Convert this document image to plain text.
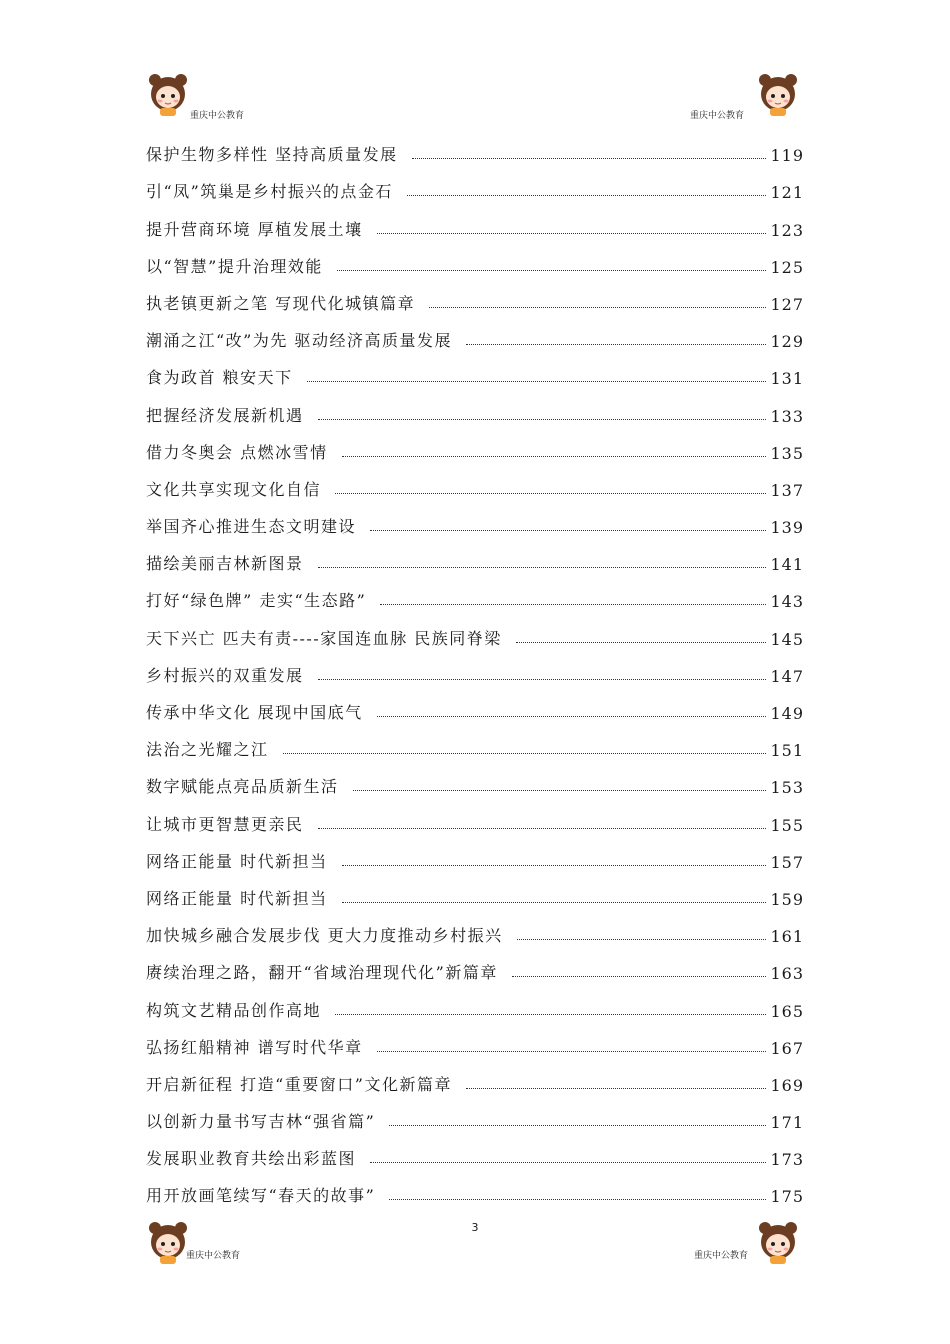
重庆中公教育	重庆中公教育
保护生物多样性 坚持高质量发展	119
引“凤”筑巢是乡村振兴的点金石	121
提升营商环境 厚植发展土壤	123
以“智慧”提升治理效能	125
执老镇更新之笔 写现代化城镇篇章	127
潮涌之江“改”为先 驱动经济高质量发展	129
食为政首 粮安天下	131
把握经济发展新机遇	133
借力冬奥会 点燃冰雪情	135
文化共享实现文化自信	137
举国齐心推进生态文明建设	139
描绘美丽吉林新图景	141
打好“绿色牌” 走实“生态路”	143
天下兴亡 匹夫有责----家国连血脉 民族同脊梁	145
乡村振兴的双重发展	147
传承中华文化 展现中国底气	149
法治之光耀之江	151
数字赋能点亮品质新生活	153
让城市更智慧更亲民	155
网络正能量 时代新担当	157
网络正能量 时代新担当	159
加快城乡融合发展步伐 更大力度推动乡村振兴	161
赓续治理之路，翻开“省域治理现代化”新篇章	163
构筑文艺精品创作高地	165
弘扬红船精神 谱写时代华章	167
开启新征程 打造“重要窗口”文化新篇章	169
以创新力量书写吉林“强省篇”	171
发展职业教育共绘出彩蓝图	173
用开放画笔续写“春天的故事”	175
3
重庆中公教育	重庆中公教育
